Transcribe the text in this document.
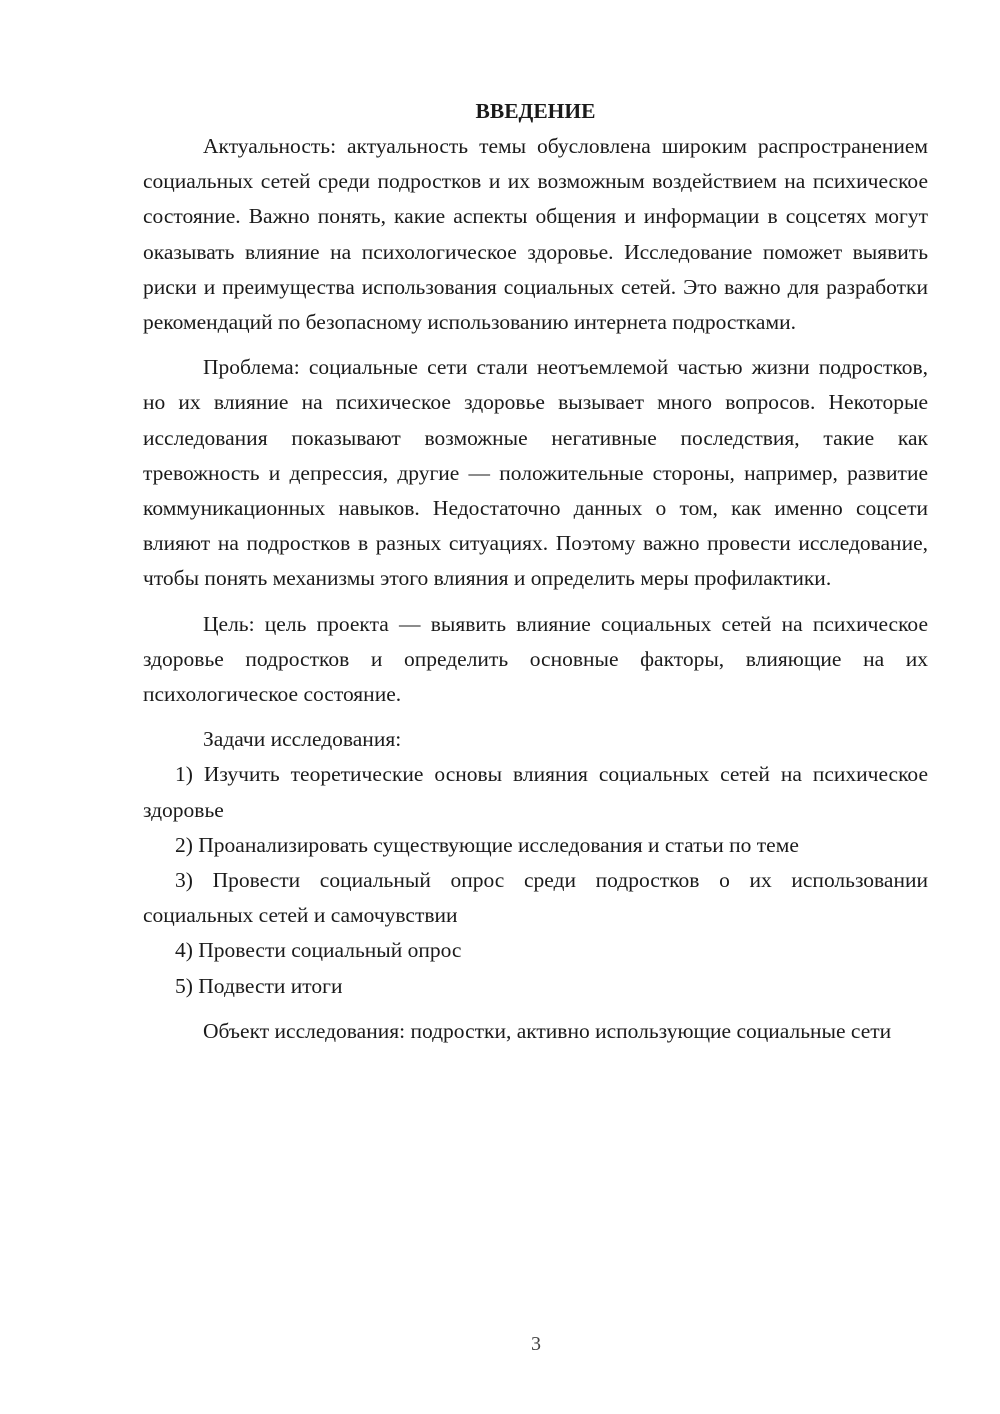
ВВЕДЕНИЕ

Актуальность: актуальность темы обусловлена широким распространением социальных сетей среди подростков и их возможным воздействием на психическое состояние. Важно понять, какие аспекты общения и информации в соцсетях могут оказывать влияние на психологическое здоровье. Исследование поможет выявить риски и преимущества использования социальных сетей. Это важно для разработки рекомендаций по безопасному использованию интернета подростками.

Проблема: социальные сети стали неотъемлемой частью жизни подростков, но их влияние на психическое здоровье вызывает много вопросов. Некоторые исследования показывают возможные негативные последствия, такие как тревожность и депрессия, другие — положительные стороны, например, развитие коммуникационных навыков. Недостаточно данных о том, как именно соцсети влияют на подростков в разных ситуациях. Поэтому важно провести исследование, чтобы понять механизмы этого влияния и определить меры профилактики.

Цель: цель проекта — выявить влияние социальных сетей на психическое здоровье подростков и определить основные факторы, влияющие на их психологическое состояние.

Задачи исследования:

1) Изучить теоретические основы влияния социальных сетей на психическое здоровье

2) Проанализировать существующие исследования и статьи по теме

3) Провести социальный опрос среди подростков о их использовании социальных сетей и самочувствии

4) Провести социальный опрос

5) Подвести итоги

Объект исследования: подростки, активно использующие социальные сети

3
